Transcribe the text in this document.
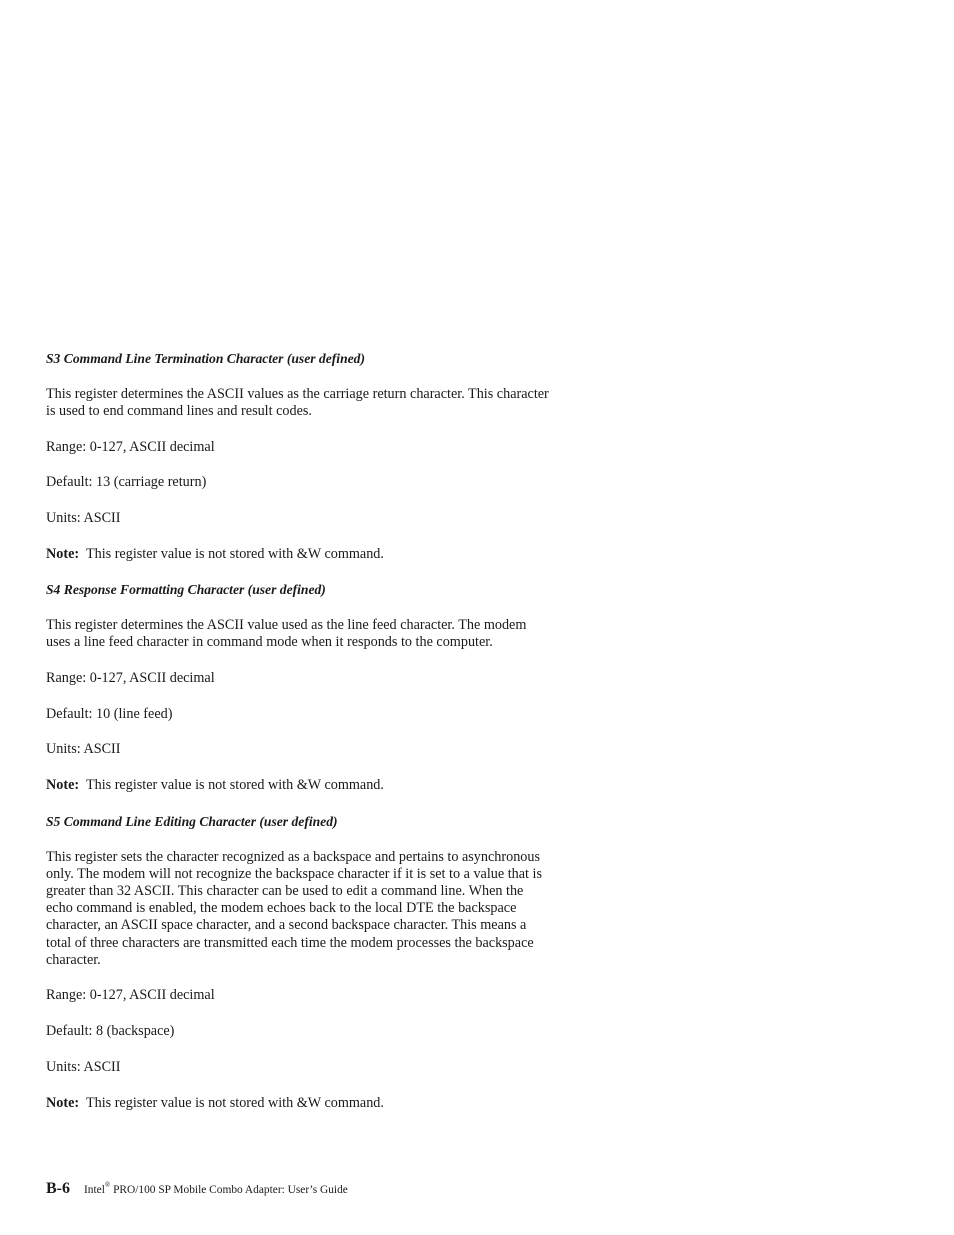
S3 Command Line Termination Character (user defined)

This register determines the ASCII values as the carriage return character. This character is used to end command lines and result codes.

Range: 0-127, ASCII decimal

Default: 13 (carriage return)

Units: ASCII

Note: This register value is not stored with &W command.

S4 Response Formatting Character (user defined)

This register determines the ASCII value used as the line feed character. The modem uses a line feed character in command mode when it responds to the computer.

Range: 0-127, ASCII decimal

Default: 10 (line feed)

Units: ASCII

Note: This register value is not stored with &W command.

S5 Command Line Editing Character (user defined)

This register sets the character recognized as a backspace and pertains to asynchronous only. The modem will not recognize the backspace character if it is set to a value that is greater than 32 ASCII. This character can be used to edit a command line. When the echo command is enabled, the modem echoes back to the local DTE the backspace character, an ASCII space character, and a second backspace character. This means a total of three characters are transmitted each time the modem processes the backspace character.

Range: 0-127, ASCII decimal

Default: 8 (backspace)

Units: ASCII

Note: This register value is not stored with &W command.

B-6 Intel® PRO/100 SP Mobile Combo Adapter: User’s Guide
